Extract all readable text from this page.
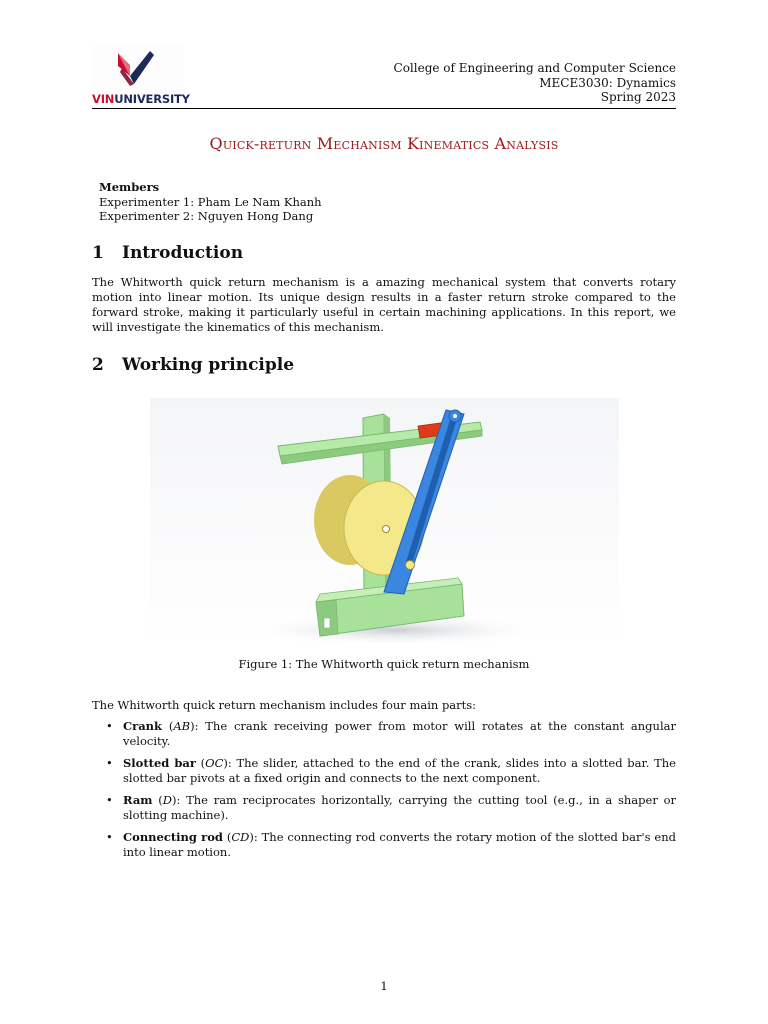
VINUNIVERSITY
College of Engineering and Computer Science
MECE3030: Dynamics
Spring 2023
Quick-return Mechanism Kinematics Analysis
Members
Experimenter 1: Pham Le Nam Khanh
Experimenter 2: Nguyen Hong Dang
1 Introduction
The Whitworth quick return mechanism is a amazing mechanical system that converts rotary motion into linear motion. Its unique design results in a faster return stroke compared to the forward stroke, making it particularly useful in certain machining applications. In this report, we will investigate the kinematics of this mechanism.
2 Working principle
Figure 1: The Whitworth quick return mechanism
The Whitworth quick return mechanism includes four main parts:
• Crank (AB): The crank receiving power from motor will rotates at the constant angular velocity.
• Slotted bar (OC): The slider, attached to the end of the crank, slides into a slotted bar. The slotted bar pivots at a fixed origin and connects to the next component.
• Ram (D): The ram reciprocates horizontally, carrying the cutting tool (e.g., in a shaper or slotting machine).
• Connecting rod (CD): The connecting rod converts the rotary motion of the slotted bar's end into linear motion.
1
